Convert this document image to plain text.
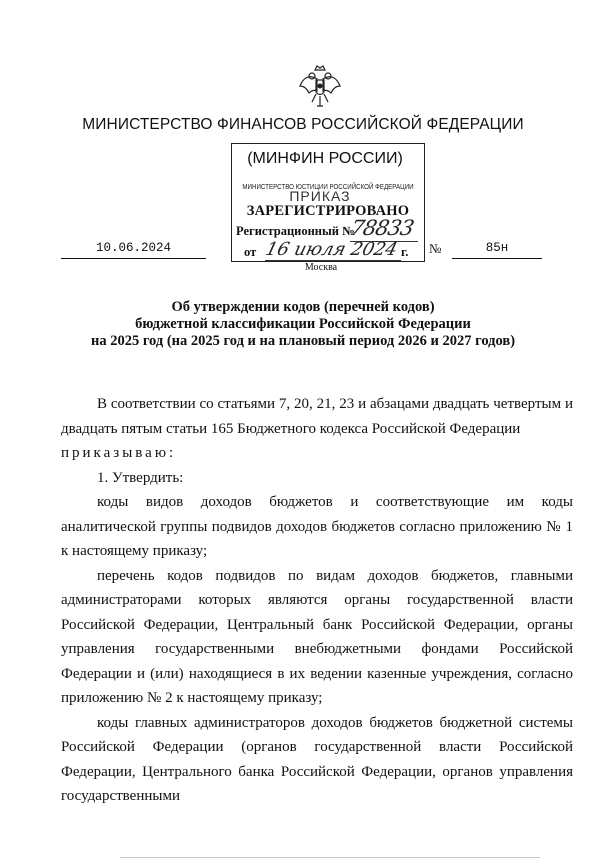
МИНИСТЕРСТВО ФИНАНСОВ РОССИЙСКОЙ ФЕДЕРАЦИИ
МИНИСТЕРСТВО ЮСТИЦИИ РОССИЙСКОЙ ФЕДЕРАЦИИ
ЗАРЕГИСТРИРОВАНО
Регистрационный №
78833
от 16 июля 2024 г.
(МИНФИН РОССИИ)
ПРИКАЗ
10.06.2024	№	85н
Москва
Об утверждении кодов (перечней кодов)
бюджетной классификации Российской Федерации
на 2025 год (на 2025 год и на плановый период 2026 и 2027 годов)

В соответствии со статьями 7, 20, 21, 23 и абзацами двадцать четвертым и двадцать пятым статьи 165 Бюджетного кодекса Российской Федерации

приказываю:

1. Утвердить:

коды видов доходов бюджетов и соответствующие им коды аналитической группы подвидов доходов бюджетов согласно приложению № 1 к настоящему приказу;

перечень кодов подвидов по видам доходов бюджетов, главными администраторами которых являются органы государственной власти Российской Федерации, Центральный банк Российской Федерации, органы управления государственными внебюджетными фондами Российской Федерации и (или) находящиеся в их ведении казенные учреждения, согласно приложению № 2 к настоящему приказу;

коды главных администраторов доходов бюджетов бюджетной системы Российской Федерации (органов государственной власти Российской Федерации, Центрального банка Российской Федерации, органов управления государственными
